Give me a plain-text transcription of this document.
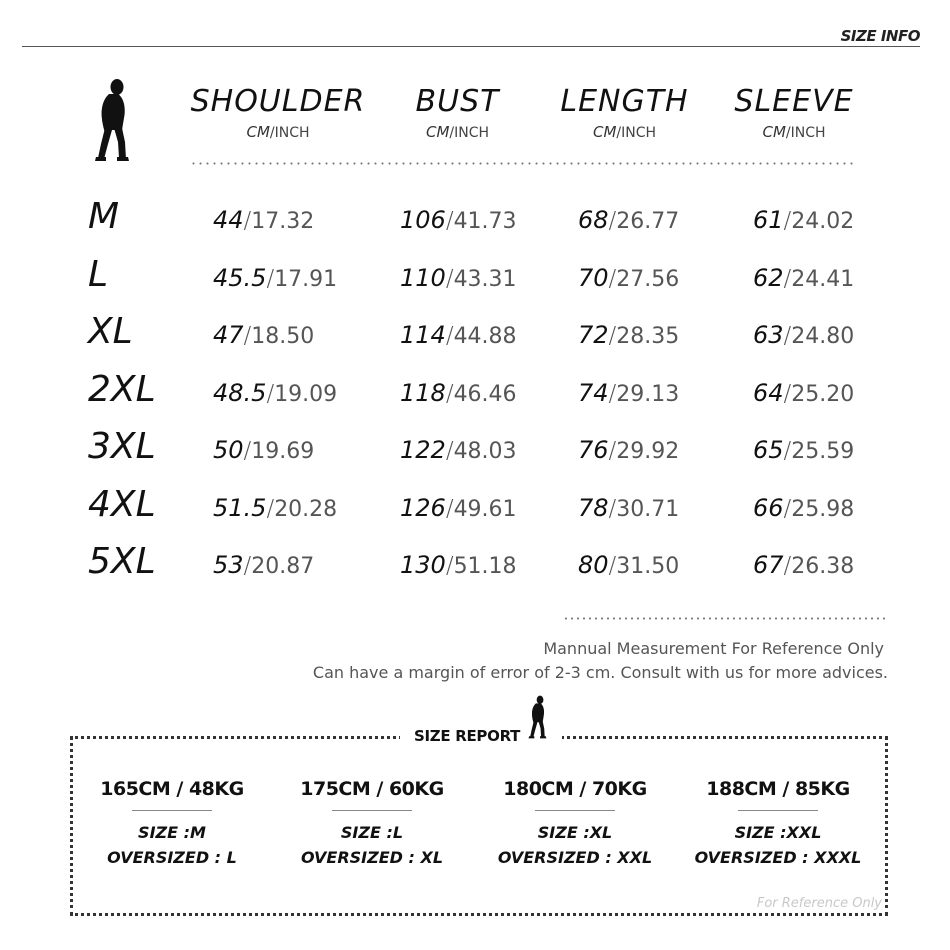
SIZE INFO
SHOULDER
CM/INCH
BUST
CM/INCH
LENGTH
CM/INCH
SLEEVE
CM/INCH
M	44/17.32	106/41.73	68/26.77	61/24.02
L	45.5/17.91	110/43.31	70/27.56	62/24.41
XL	47/18.50	114/44.88	72/28.35	63/24.80
2XL 48.5/19.09	118/46.46	74/29.13	64/25.20
3XL 50/19.69	122/48.03	76/29.92	65/25.59
4XL 51.5/20.28	126/49.61	78/30.71	66/25.98
5XL 53/20.87	130/51.18	80/31.50	67/26.38
Mannual Measurement For Reference Only
Can have a margin of error of 2-3 cm. Consult with us for more advices.
SIZE REPORT
165CM / 48KG
SIZE :M
OVERSIZED : L
175CM / 60KG
SIZE :L
OVERSIZED : XL
180CM / 70KG
SIZE :XL
OVERSIZED : XXL
188CM / 85KG
SIZE :XXL
OVERSIZED : XXXL
For Reference Only
